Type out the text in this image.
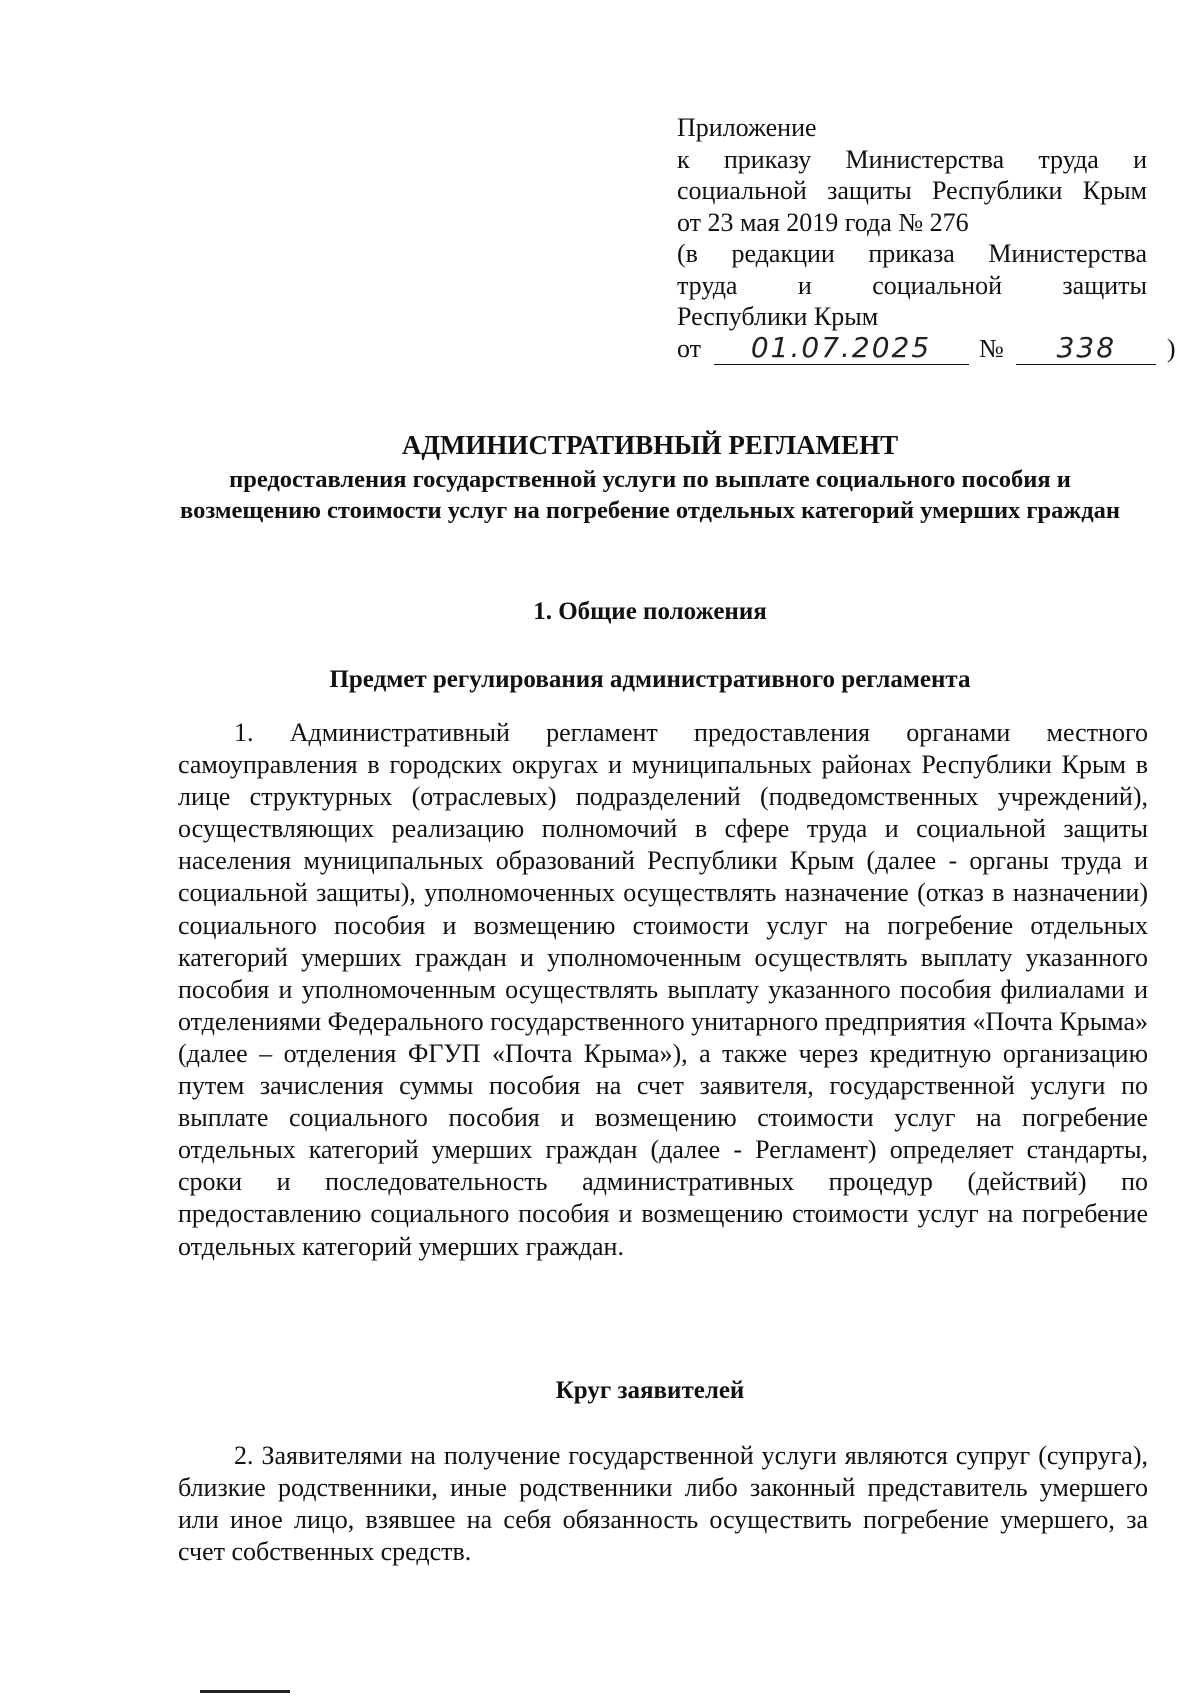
Приложение
к приказу Министерства труда и
социальной защиты Республики Крым
от 23 мая 2019 года № 276
(в редакции приказа Министерства
труда и социальной защиты
Республики Крым
от 01.07.2025 № 338 )

АДМИНИСТРАТИВНЫЙ РЕГЛАМЕНТ

предоставления государственной услуги по выплате социального пособия и возмещению стоимости услуг на погребение отдельных категорий умерших граждан

1. Общие положения
Предмет регулирования административного регламента

1. Административный регламент предоставления органами местного самоуправления в городских округах и муниципальных районах Республики Крым в лице структурных (отраслевых) подразделений (подведомственных учреждений), осуществляющих реализацию полномочий в сфере труда и социальной защиты населения муниципальных образований Республики Крым (далее - органы труда и социальной защиты), уполномоченных осуществлять назначение (отказ в назначении) социального пособия и возмещению стоимости услуг на погребение отдельных категорий умерших граждан и уполномоченным осуществлять выплату указанного пособия и уполномоченным осуществлять выплату указанного пособия филиалами и отделениями Федерального государственного унитарного предприятия «Почта Крыма» (далее – отделения ФГУП «Почта Крыма»), а также через кредитную организацию путем зачисления суммы пособия на счет заявителя, государственной услуги по выплате социального пособия и возмещению стоимости услуг на погребение отдельных категорий умерших граждан (далее - Регламент) определяет стандарты, сроки и последовательность административных процедур (действий) по предоставлению социального пособия и возмещению стоимости услуг на погребение отдельных категорий умерших граждан.

Круг заявителей

2. Заявителями на получение государственной услуги являются супруг (супруга), близкие родственники, иные родственники либо законный представитель умершего или иное лицо, взявшее на себя обязанность осуществить погребение умершего, за счет собственных средств.
